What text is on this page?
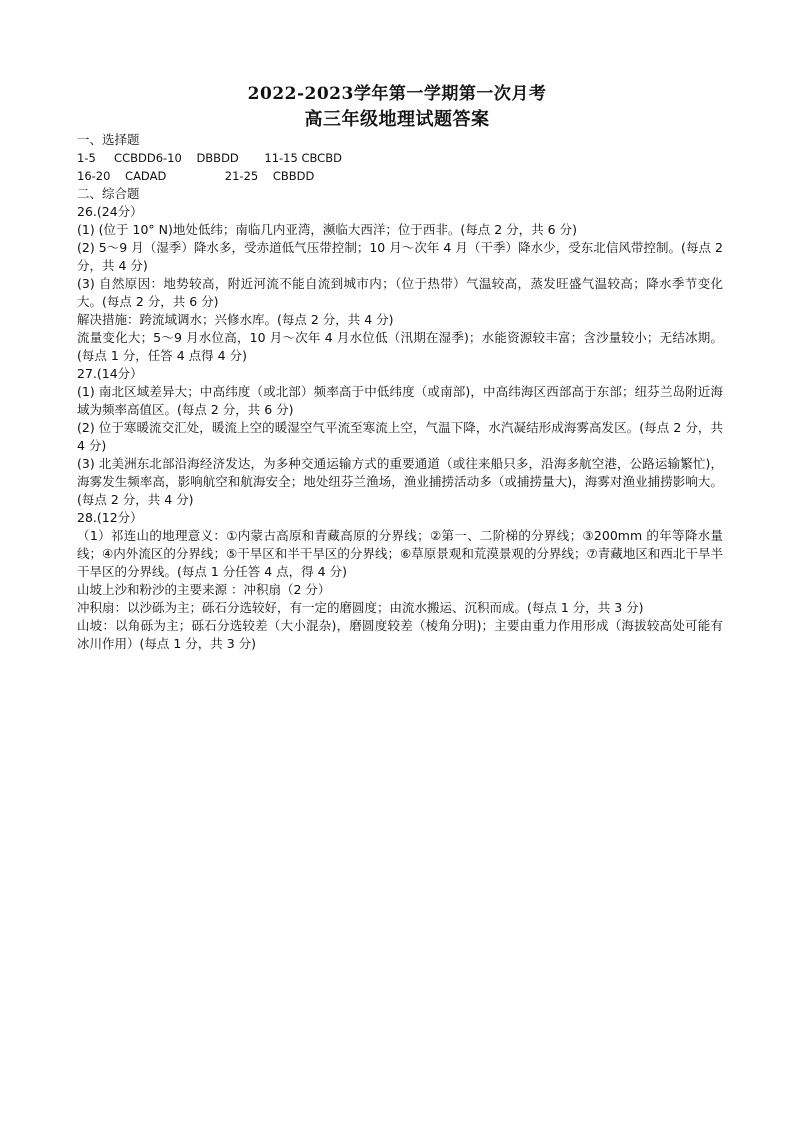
2022-2023学年第一学期第一次月考
高三年级地理试题答案

一、选择题

1-5     CCBDD6-10    DBBDD       11-15 CBCBD

16-20    CADAD                21-25    CBBDD

二、综合题

26.(24分）

(1) (位于 10° N)地处低纬；南临几内亚湾，濒临大西洋；位于西非。(每点 2 分，共 6 分)

(2) 5～9 月（湿季）降水多，受赤道低气压带控制；10 月～次年 4 月（干季）降水少，受东北信风带控制。(每点 2 分，共 4 分)

(3) 自然原因：地势较高，附近河流不能自流到城市内；（位于热带）气温较高，蒸发旺盛气温较高；降水季节变化大。(每点 2 分，共 6 分)

解决措施：跨流域调水；兴修水库。(每点 2 分，共 4 分)

流量变化大；5～9 月水位高，10 月～次年 4 月水位低（汛期在湿季)；水能资源较丰富；含沙量较小；无结冰期。(每点 1 分，任答 4 点得 4 分)

27.(14分）

(1) 南北区域差异大；中高纬度（或北部）频率高于中低纬度（或南部)，中高纬海区西部高于东部；纽芬兰岛附近海域为频率高值区。(每点 2 分，共 6 分)

(2) 位于寒暖流交汇处，暖流上空的暖湿空气平流至寒流上空，气温下降，水汽凝结形成海雾高发区。(每点 2 分，共 4 分)

(3) 北美洲东北部沿海经济发达，为多种交通运输方式的重要通道（或往来船只多，沿海多航空港，公路运输繁忙)，海雾发生频率高，影响航空和航海安全；地处纽芬兰渔场，渔业捕捞活动多（或捕捞量大)，海雾对渔业捕捞影响大。(每点 2 分，共 4 分)

28.(12分）

（1）祁连山的地理意义：①内蒙古高原和青藏高原的分界线；②第一、二阶梯的分界线；③200mm 的年等降水量线；④内外流区的分界线；⑤干旱区和半干旱区的分界线；⑥草原景观和荒漠景观的分界线；⑦青藏地区和西北干旱半干旱区的分界线。(每点 1 分任答 4 点，得 4 分)

山坡上沙和粉沙的主要来源 ：冲积扇（2 分）

冲积扇：以沙砾为主；砾石分选较好，有一定的磨圆度；由流水搬运、沉积而成。(每点 1 分，共 3 分)

山坡：以角砾为主；砾石分选较差（大小混杂)，磨圆度较差（棱角分明)；主要由重力作用形成（海拔较高处可能有冰川作用）(每点 1 分，共 3 分)
